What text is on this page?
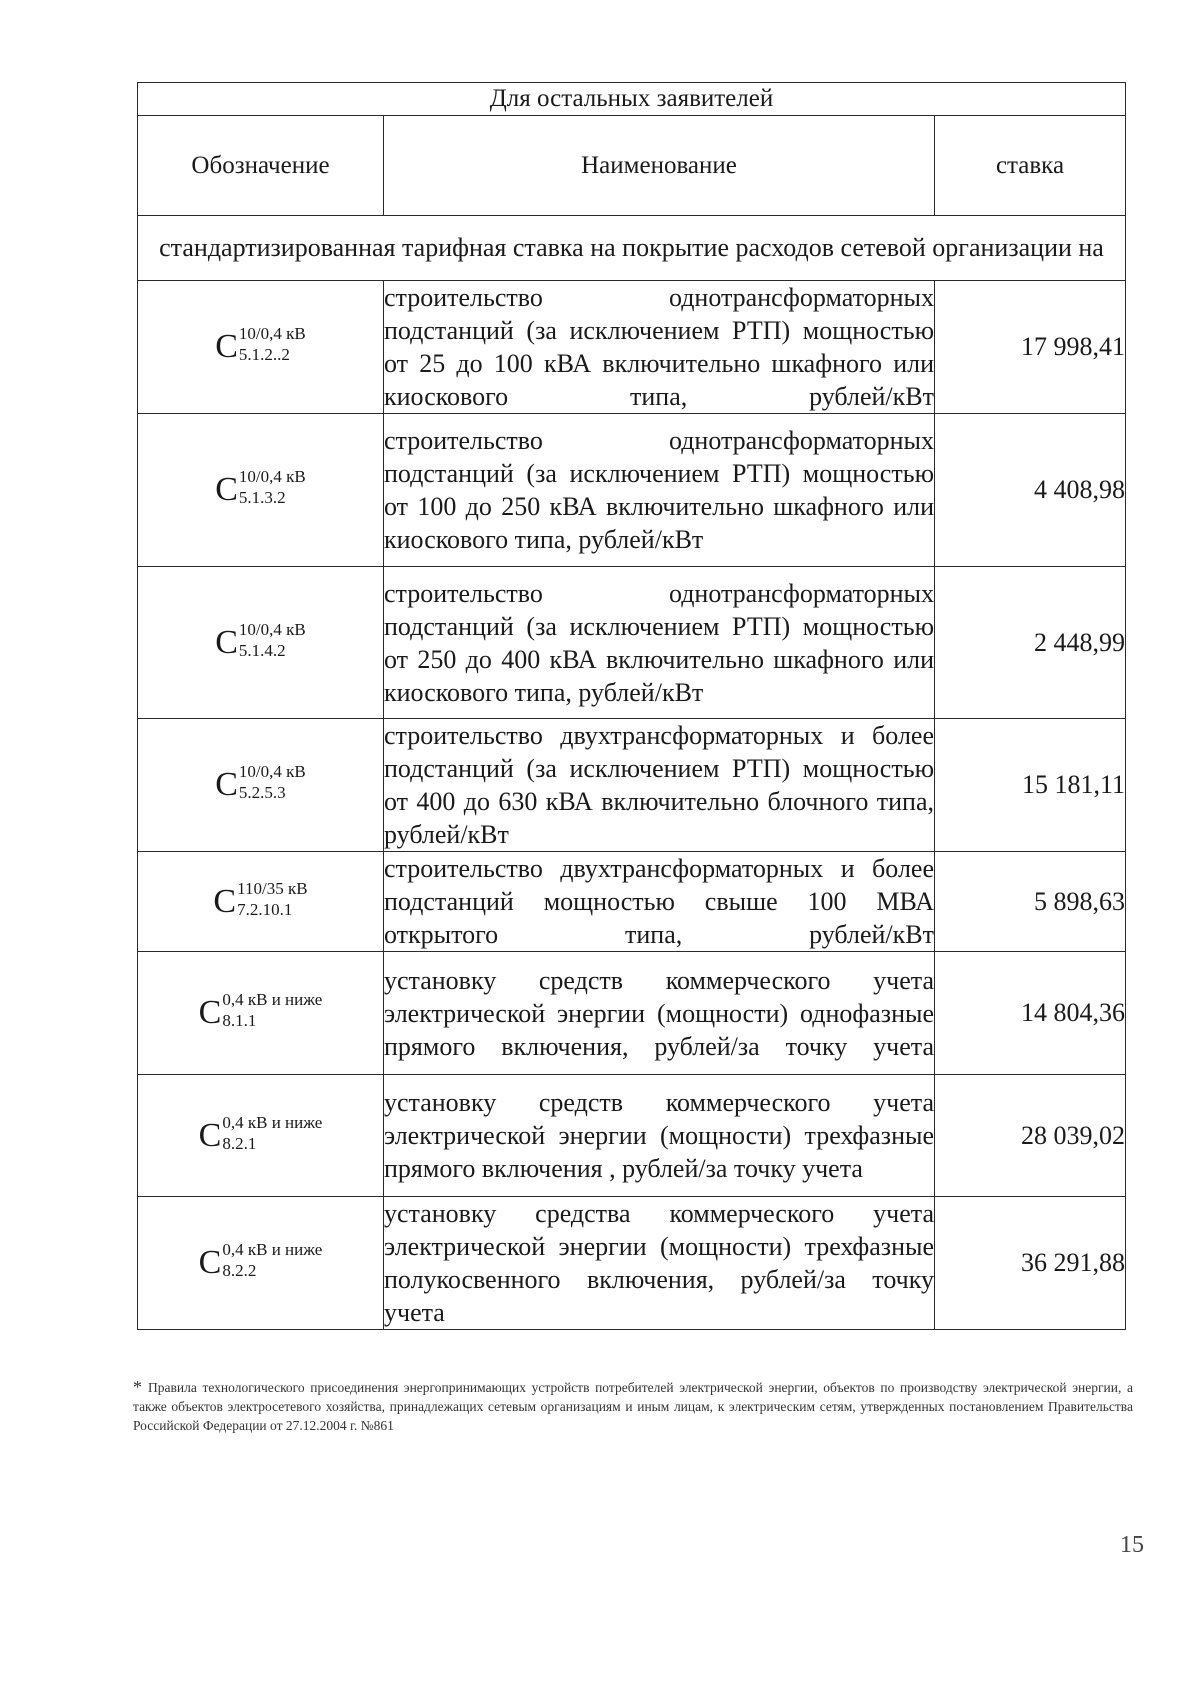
Для остальных заявителей		
Обозначение	Наименование	ставка
стандартизированная тарифная ставка на покрытие расходов сетевой организации на		

C 10/0,4 кВ
5.1.2..2	строительство однотрансформаторных подстанций (за исключением РТП) мощностью от 25 до 100 кВА включительно шкафного или киоскового типа, рублей/кВт	17 998,41

C 10/0,4 кВ
5.1.3.2	строительство однотрансформаторных подстанций (за исключением РТП) мощностью от 100 до 250 кВА включительно шкафного или киоскового типа, рублей/кВт	4 408,98

C 10/0,4 кВ
5.1.4.2	строительство однотрансформаторных подстанций (за исключением РТП) мощностью от 250 до 400 кВА включительно шкафного или киоскового типа, рублей/кВт	2 448,99

C 10/0,4 кВ
5.2.5.3	строительство двухтрансформаторных и более подстанций (за исключением РТП) мощностью от 400 до 630 кВА включительно блочного типа, рублей/кВт	15 181,11

C 110/35 кВ
7.2.10.1	строительство двухтрансформаторных и более подстанций мощностью свыше 100 МВА открытого типа, рублей/кВт	5 898,63

C 0,4 кВ и ниже
8.1.1	установку средств коммерческого учета электрической энергии (мощности) однофазные прямого включения, рублей/за точку учета	14 804,36

C 0,4 кВ и ниже
8.2.1	установку средств коммерческого учета электрической энергии (мощности) трехфазные прямого включения , рублей/за точку учета	28 039,02

C 0,4 кВ и ниже
8.2.2	установку средства коммерческого учета электрической энергии (мощности) трехфазные полукосвенного включения, рублей/за точку учета	36 291,88
* Правила технологического присоединения энергопринимающих устройств потребителей электрической энергии, объектов по производству электрической энергии, а также объектов электросетевого хозяйства, принадлежащих сетевым организациям и иным лицам, к электрическим сетям, утвержденных постановлением Правительства Российской Федерации от 27.12.2004 г. №861
15
